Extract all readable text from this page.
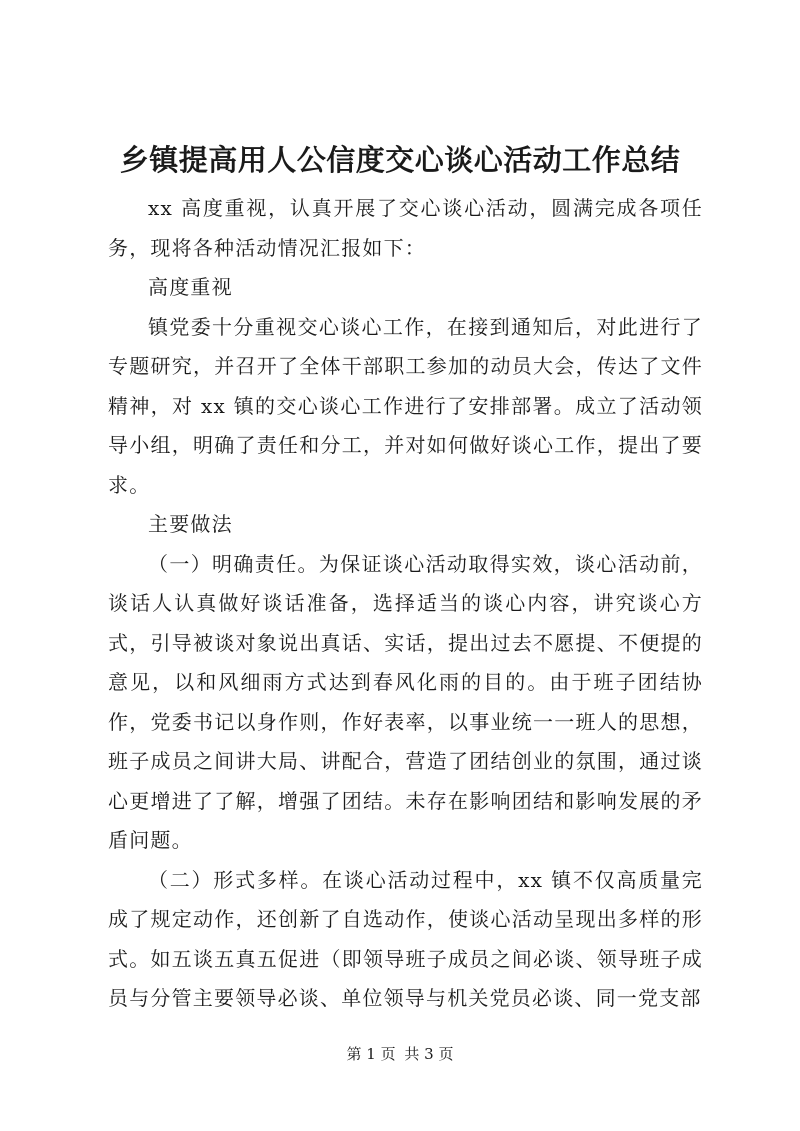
乡镇提高用人公信度交心谈心活动工作总结

xx 高度重视，认真开展了交心谈心活动，圆满完成各项任务，现将各种活动情况汇报如下：

高度重视

镇党委十分重视交心谈心工作，在接到通知后，对此进行了专题研究，并召开了全体干部职工参加的动员大会，传达了文件精神，对 xx 镇的交心谈心工作进行了安排部署。成立了活动领导小组，明确了责任和分工，并对如何做好谈心工作，提出了要求。

主要做法

（一）明确责任。为保证谈心活动取得实效，谈心活动前，谈话人认真做好谈话准备，选择适当的谈心内容，讲究谈心方式，引导被谈对象说出真话、实话，提出过去不愿提、不便提的意见，以和风细雨方式达到春风化雨的目的。由于班子团结协作，党委书记以身作则，作好表率，以事业统一一班人的思想，班子成员之间讲大局、讲配合，营造了团结创业的氛围，通过谈心更增进了了解，增强了团结。未存在影响团结和影响发展的矛盾问题。

（二）形式多样。在谈心活动过程中，xx 镇不仅高质量完成了规定动作，还创新了自选动作，使谈心活动呈现出多样的形式。如五谈五真五促进（即领导班子成员之间必谈、领导班子成员与分管主要领导必谈、单位领导与机关党员必谈、同一党支部

第 1 页 共 3 页
